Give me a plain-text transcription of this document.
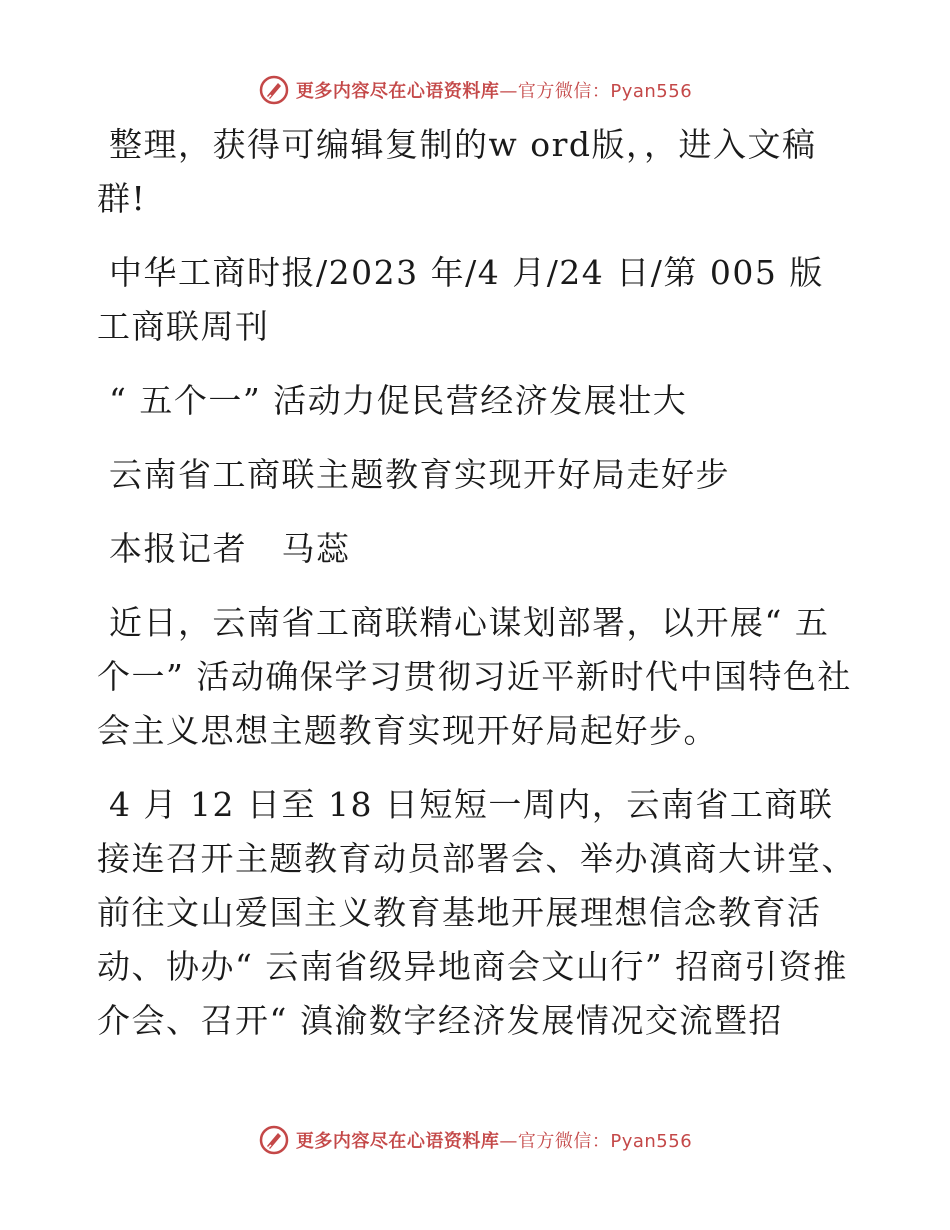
更多内容尽在心语资料库—官方微信：Pyan556

整理，获得可编辑复制的w ord版，，进入文稿群!

中华工商时报/2023 年/4 月/24 日/第 005 版工商联周刊

“ 五个一” 活动力促民营经济发展壮大

云南省工商联主题教育实现开好局走好步

本报记者　马蕊

近日，云南省工商联精心谋划部署，以开展“ 五个一” 活动确保学习贯彻习近平新时代中国特色社会主义思想主题教育实现开好局起好步。

4 月 12 日至 18 日短短一周内，云南省工商联接连召开主题教育动员部署会、举办滇商大讲堂、前往文山爱国主义教育基地开展理想信念教育活动、协办“ 云南省级异地商会文山行” 招商引资推介会、召开“ 滇渝数字经济发展情况交流暨招

更多内容尽在心语资料库—官方微信：Pyan556
